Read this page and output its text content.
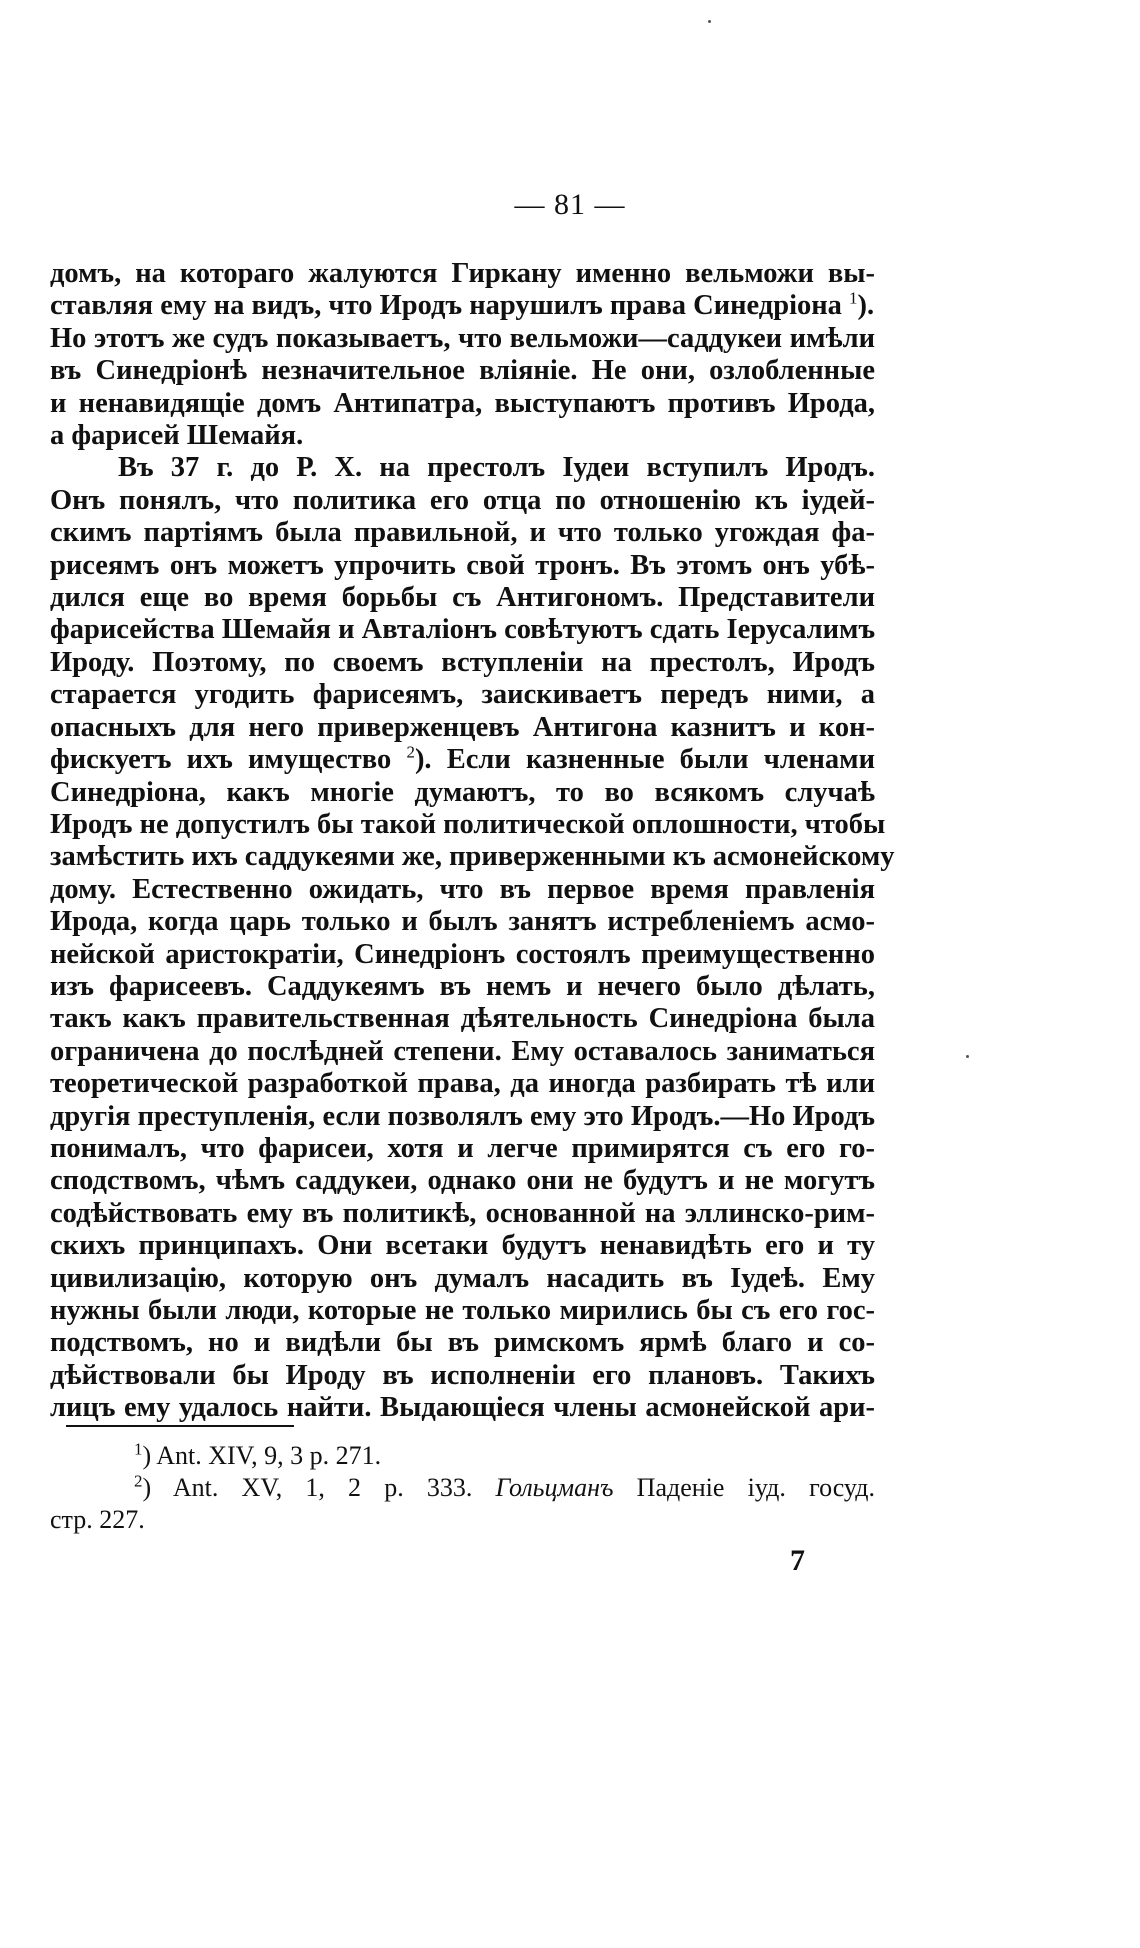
— 81 —
домъ, на котораго жалуются Гиркану именно вельможи вы-
ставляя ему на видъ, что Иродъ нарушилъ права Синедріона $^1$).
Но этотъ же судъ показываетъ, что вельможи—саддукеи имѣли
въ Синедріонѣ незначительное вліяніе. Не они, озлобленные
и ненавидящіе домъ Антипатра, выступаютъ противъ Ирода,
а фарисей Шемайя.
Въ 37 г. до Р. Х. на престолъ Іудеи вступилъ Иродъ.
Онъ понялъ, что политика его отца по отношенію къ іудей-
скимъ партіямъ была правильной, и что только угождая фа-
рисеямъ онъ можетъ упрочить свой тронъ. Въ этомъ онъ убѣ-
дился еще во время борьбы съ Антигономъ. Представители
фарисейства Шемайя и Авталіонъ совѣтуютъ сдать Іерусалимъ
Ироду. Поэтому, по своемъ вступленіи на престолъ, Иродъ
старается угодить фарисеямъ, заискиваетъ передъ ними, а
опасныхъ для него приверженцевъ Антигона казнитъ и кон-
фискуетъ ихъ имущество $^2$). Если казненные были членами
Синедріона, какъ многіе думаютъ, то во всякомъ случаѣ
Иродъ не допустилъ бы такой политической оплошности, чтобы
замѣстить ихъ саддукеями же, приверженными къ асмонейскому
дому. Естественно ожидать, что въ первое время правленія
Ирода, когда царь только и былъ занятъ истребленіемъ асмо-
нейской аристократіи, Синедріонъ состоялъ преимущественно
изъ фарисеевъ. Саддукеямъ въ немъ и нечего было дѣлать,
такъ какъ правительственная дѣятельность Синедріона была
ограничена до послѣдней степени. Ему оставалось заниматься
теоретической разработкой права, да иногда разбирать тѣ или
другія преступленія, если позволялъ ему это Иродъ.—Но Иродъ
понималъ, что фарисеи, хотя и легче примирятся съ его го-
сподствомъ, чѣмъ саддукеи, однако они не будутъ и не могутъ
содѣйствовать ему въ политикѣ, основанной на эллинско-рим-
скихъ принципахъ. Они всетаки будутъ ненавидѣть его и ту
цивилизацію, которую онъ думалъ насадить въ Іудеѣ. Ему
нужны были люди, которые не только мирились бы съ его гос-
подствомъ, но и видѣли бы въ римскомъ ярмѣ благо и со-
дѣйствовали бы Ироду въ исполненіи его плановъ. Такихъ
лицъ ему удалось найти. Выдающіеся члены асмонейской ари-
$^1$) Ant. XIV, 9, 3 p. 271.
$^2$) Ant. XV, 1, 2 p. 333. Гольцманъ Паденіе іуд. госуд.
стр. 227.
7
